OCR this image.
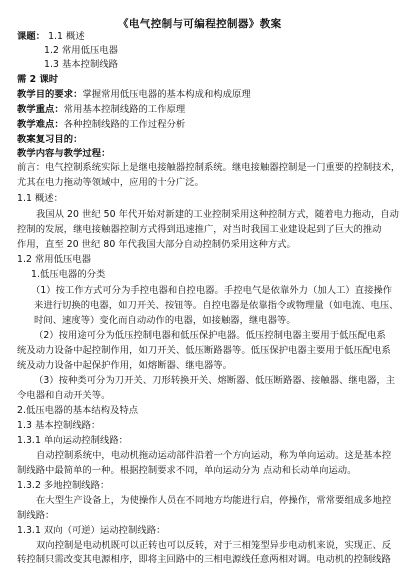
《电气控制与可编程控制器》教案
课题： 1.1 概述
1.2 常用低压电器
1.3 基本控制线路
需 2 课时
教学目的要求：掌握常用低压电器的基本构成和构成原理
教学重点：常用基本控制线路的工作原理
教学难点：各种控制线路的工作过程分析
教案复习目的：
教学内容与教学过程：
前言：电气控制系统实际上是继电接触器控制系统。继电接触器控制是一门重要的控制技术，
尤其在电力拖动等领域中，应用的十分广泛。
1.1 概述：
我国从 20 世纪 50 年代开始对新建的工业控制采用这种控制方式，随着电力拖动，自动
控制的发展，继电接触器控制方式得到迅速推广，对当时我国工业建设起到了巨大的推动
作用，直至 20 世纪 80 年代我国大部分自动控制仍采用这种方式。
1.2 常用低压电器
1.低压电器的分类
（1）按工作方式可分为手控电器和自控电器。手控电气是依靠外力（加人工）直接操作
来进行切换的电器，如刀开关、按钮等。自控电器是依靠指令或物理量（如电流、电压、
时间、速度等）变化而自动动作的电器，如接触器，继电器等。
（2）按用途可分为低压控制电器和低压保护电器。低压控制电器主要用于低压配电系
统及动力设备中起控制作用，如刀开关、低压断路器等。低压保护电器主要用于低压配电系
统及动力设备中起保护作用，如熔断器、继电器等。
（3）按种类可分为刀开关、刀形转换开关、熔断器、低压断路器、接触器、继电器，主
令电器和自动开关等。
2.低压电器的基本结构及特点
1.3 基本控制线路：
1.3.1 单向运动控制线路：
自动控制系统中，电动机拖动运动部件沿着一个方向运动，称为单向运动。这是基本控
制线路中最简单的一种。根据控制要求不同，单向运动分为 点动和长动单向运动。
1.3.2 多地控制线路：
在大型生产设备上，为使操作人员在不同地方均能进行启，停操作，常常要组成多地控
制线路：
1.3.1 双向（可逆）运动控制线路：
双向控制是电动机既可以正转也可以反转，对于三相笼型异步电动机来说，实现正、反
转控制只需改变其电源相序，即将主回路中的三相电源线任意两相对调。电动机的控制线路
